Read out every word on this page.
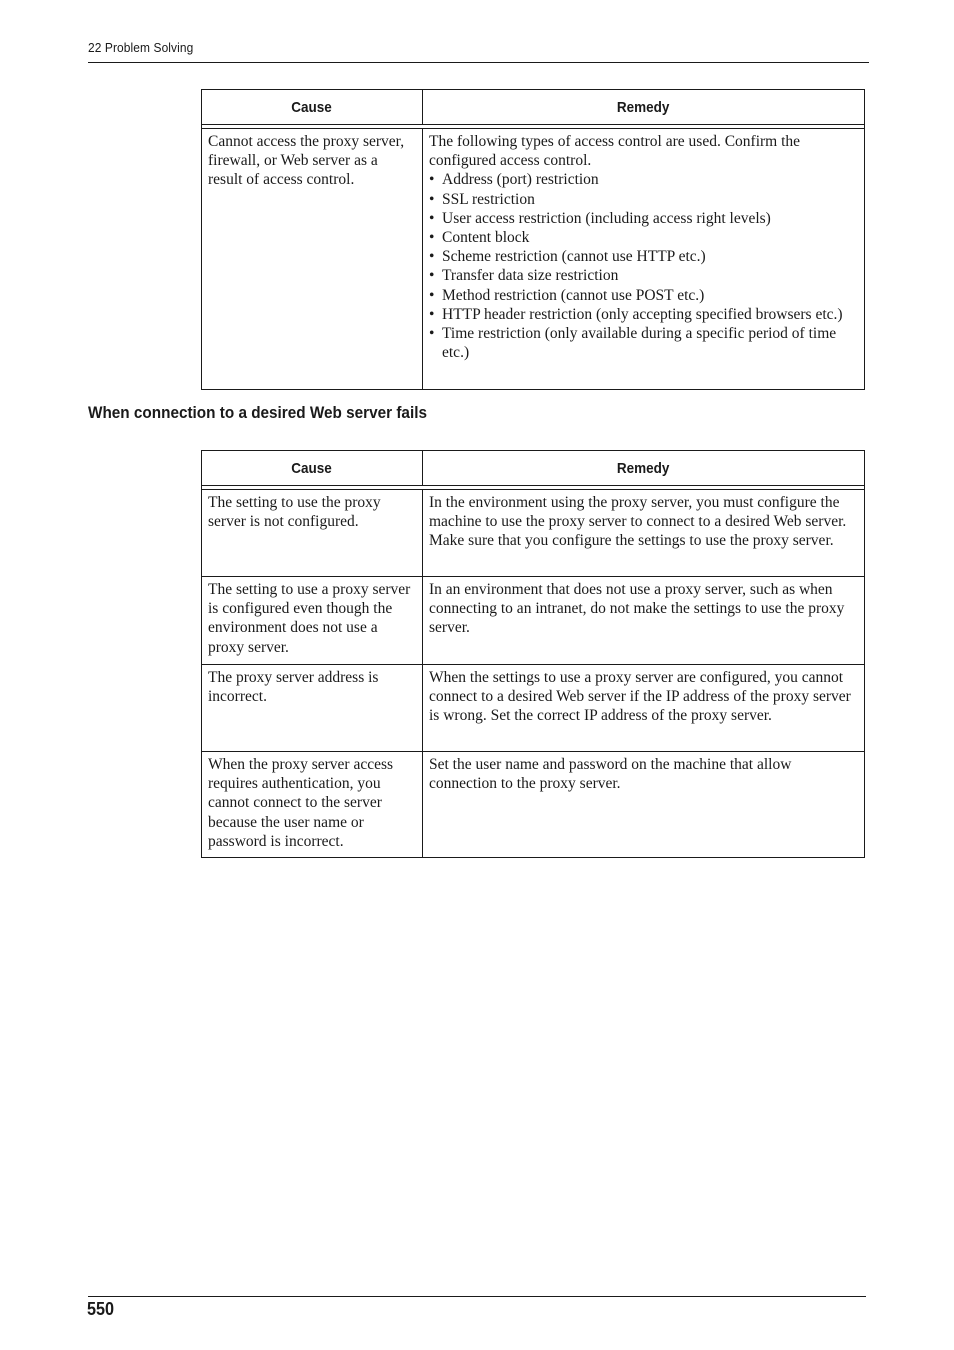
22 Problem Solving
Cause	Remedy

Cannot access the proxy server, firewall, or Web server as a result of access control.

The following types of access control are used. Confirm the configured access control.

• Address (port) restriction
• SSL restriction
• User access restriction (including access right levels)
• Content block
• Scheme restriction (cannot use HTTP etc.)
• Transfer data size restriction
• Method restriction (cannot use POST etc.)
• HTTP header restriction (only accepting specified browsers etc.)
• Time restriction (only available during a specific period of time etc.)
When connection to a desired Web server fails
Cause	Remedy

The setting to use the proxy server is not configured.

In the environment using the proxy server, you must configure the machine to use the proxy server to connect to a desired Web server. Make sure that you configure the settings to use the proxy server.

The setting to use a proxy server is configured even though the environment does not use a proxy server.

In an environment that does not use a proxy server, such as when connecting to an intranet, do not make the settings to use the proxy server.

The proxy server address is incorrect.

When the settings to use a proxy server are configured, you cannot connect to a desired Web server if the IP address of the proxy server is wrong. Set the correct IP address of the proxy server.

When the proxy server access requires authentication, you cannot connect to the server because the user name or password is incorrect.

Set the user name and password on the machine that allow connection to the proxy server.

550
